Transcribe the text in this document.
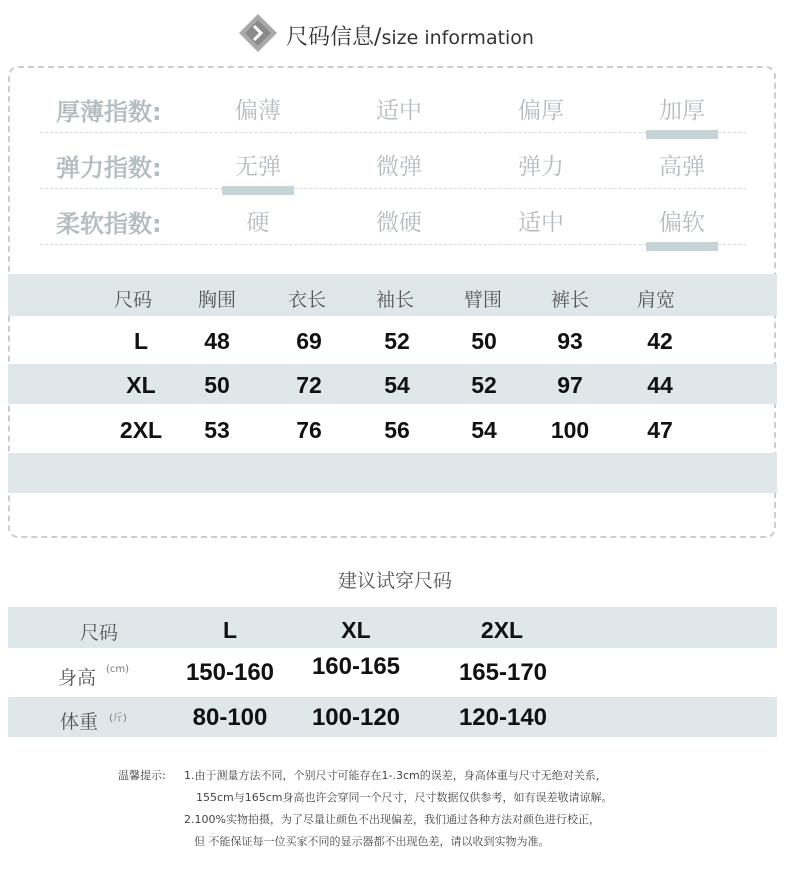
尺码信息/size information
厚薄指数:	偏薄	适中	偏厚	加厚
弹力指数:	无弹	微弹	弹力	高弹
柔软指数:	硬	微硬	适中	偏软
尺码	胸围	衣长	袖长	臂围	裤长	肩宽
L	48	69	52	50	93	42
XL	50	72	54	52	97	44
2XL	53	76	56	54	100	47
建议试穿尺码
尺码	L	XL	2XL
身高 (cm)	150-160	160-165	165-170
体重 (斤)	80-100	100-120	120-140
温馨提示: 1.由于测量方法不同，个别尺寸可能存在1-.3cm的误差，身高体重与尺寸无绝对关系，
155cm与165cm身高也许会穿同一个尺寸，尺寸数据仅供参考，如有误差敬请谅解。
2.100%实物拍摄，为了尽量让颜色不出现偏差，我们通过各种方法对颜色进行校正，
但 不能保证每一位买家不同的显示器都不出现色差，请以收到实物为准。
